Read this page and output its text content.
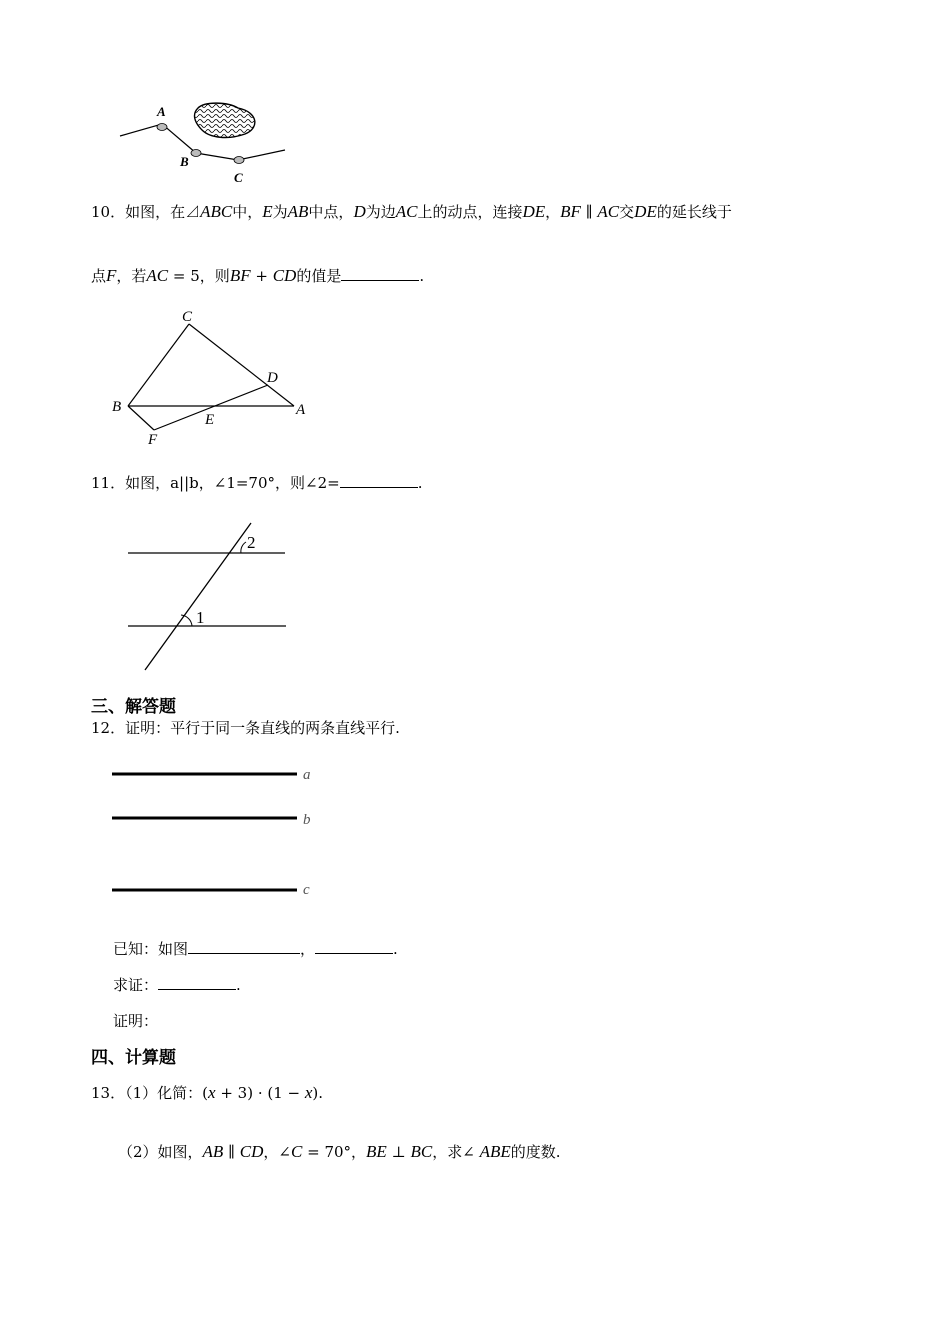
A
B
C
10．如图，在⊿ABC中，E为AB中点，D为边AC上的动点，连接DE，BF ∥ AC交DE的延长线于
点F，若AC = 5，则BF + CD的值是	.
C
D
B
E
A
F
11．如图，a||b，∠1=70°，则∠2=	.
2
1
三、解答题
12．证明：平行于同一条直线的两条直线平行.
a
b
c
已知：如图	，	.
求证：	.
证明：
四、计算题
13．（1）化简：(x + 3) · (1 − x).
（2）如图，AB ∥ CD，∠C = 70°，BE ⊥ BC，求∠ ABE的度数.
